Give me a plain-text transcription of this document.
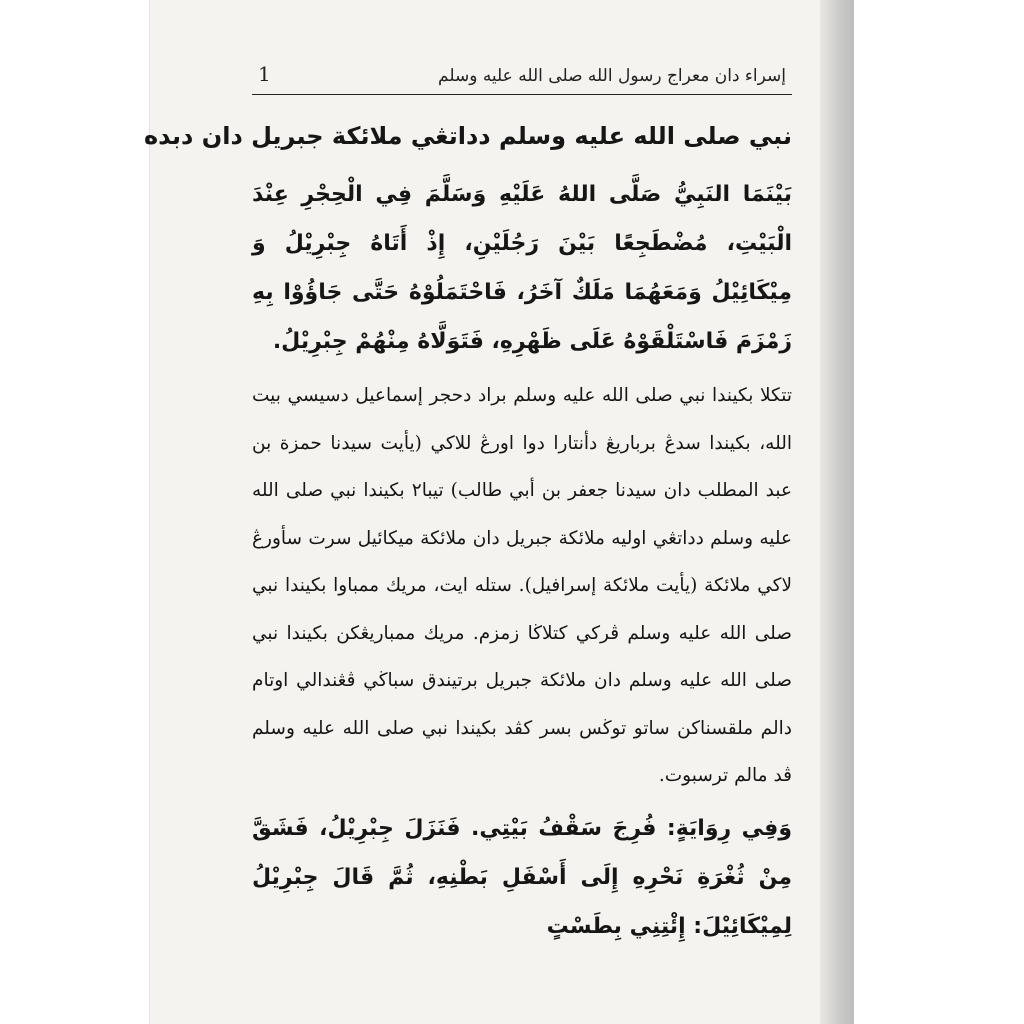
1	إسراء دان معراج رسول الله صلى الله عليه وسلم
نبي صلى الله عليه وسلم دداتڠي ملائكة جبريل دان دبده

بَيْنَمَا النَبِيُّ صَلَّى اللهُ عَلَيْهِ وَسَلَّمَ فِي الْحِجْرِ عِنْدَ الْبَيْتِ، مُضْطَجِعًا بَيْنَ رَجُلَيْنِ، إِذْ أَتَاهُ جِبْرِيْلُ وَ مِيْكَائِيْلُ وَمَعَهُمَا مَلَكٌ آخَرُ، فَاحْتَمَلُوْهُ حَتَّى جَاؤُوْا بِهِ زَمْزَمَ فَاسْتَلْقَوْهُ عَلَى ظَهْرِهِ، فَتَوَلَّاهُ مِنْهُمْ جِبْرِيْلُ.

تتكلا بكيندا نبي صلى الله عليه وسلم براد دحجر إسماعيل دسيسي بيت الله، بكيندا سدڠ برباريڠ دأنتارا دوا اورڠ للاكي (يأيت سيدنا حمزة بن عبد المطلب دان سيدنا جعفر بن أبي طالب) تيبا٢ بكيندا نبي صلى الله عليه وسلم دداتڠي اوليه ملائكة جبريل دان ملائكة ميكائيل سرت سأورڠ لاكي ملائكة (يأيت ملائكة إسرافيل). ستله ايت، مريك ممباوا بكيندا نبي صلى الله عليه وسلم ڤركي كتلاڬا زمزم. مريك ممباريڠكن بكيندا نبي صلى الله عليه وسلم دان ملائكة جبريل برتيندق سباڬي ڤڠندالي اوتام دالم ملقسناكن ساتو توڬس بسر كڤد بكيندا نبي صلى الله عليه وسلم ڤد مالم ترسبوت.

وَفِي رِوَايَةٍ: فُرِجَ سَقْفُ بَيْتِي. فَنَزَلَ جِبْرِيْلُ، فَشَقَّ مِنْ ثُغْرَةِ نَحْرِهِ إِلَى أَسْفَلِ بَطْنِهِ، ثُمَّ قَالَ جِبْرِيْلُ لِمِيْكَائِيْلَ: إِئْتِنِي بِطَسْتٍ
